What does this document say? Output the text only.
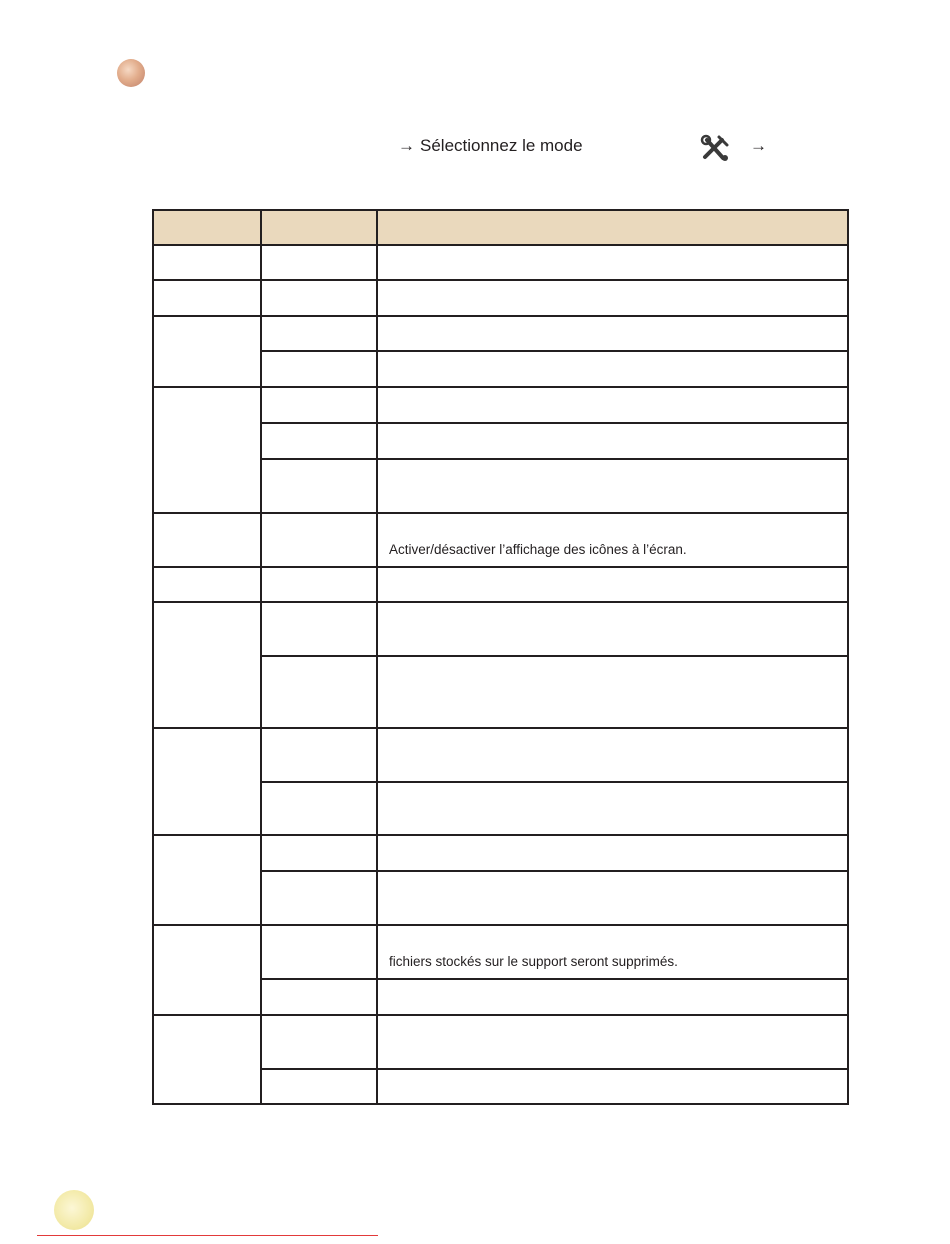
→ Sélectionnez le mode	→

		Activer/désactiver l’affichage des icônes à l’écran.

		fichiers stockés sur le support seront supprimés.
